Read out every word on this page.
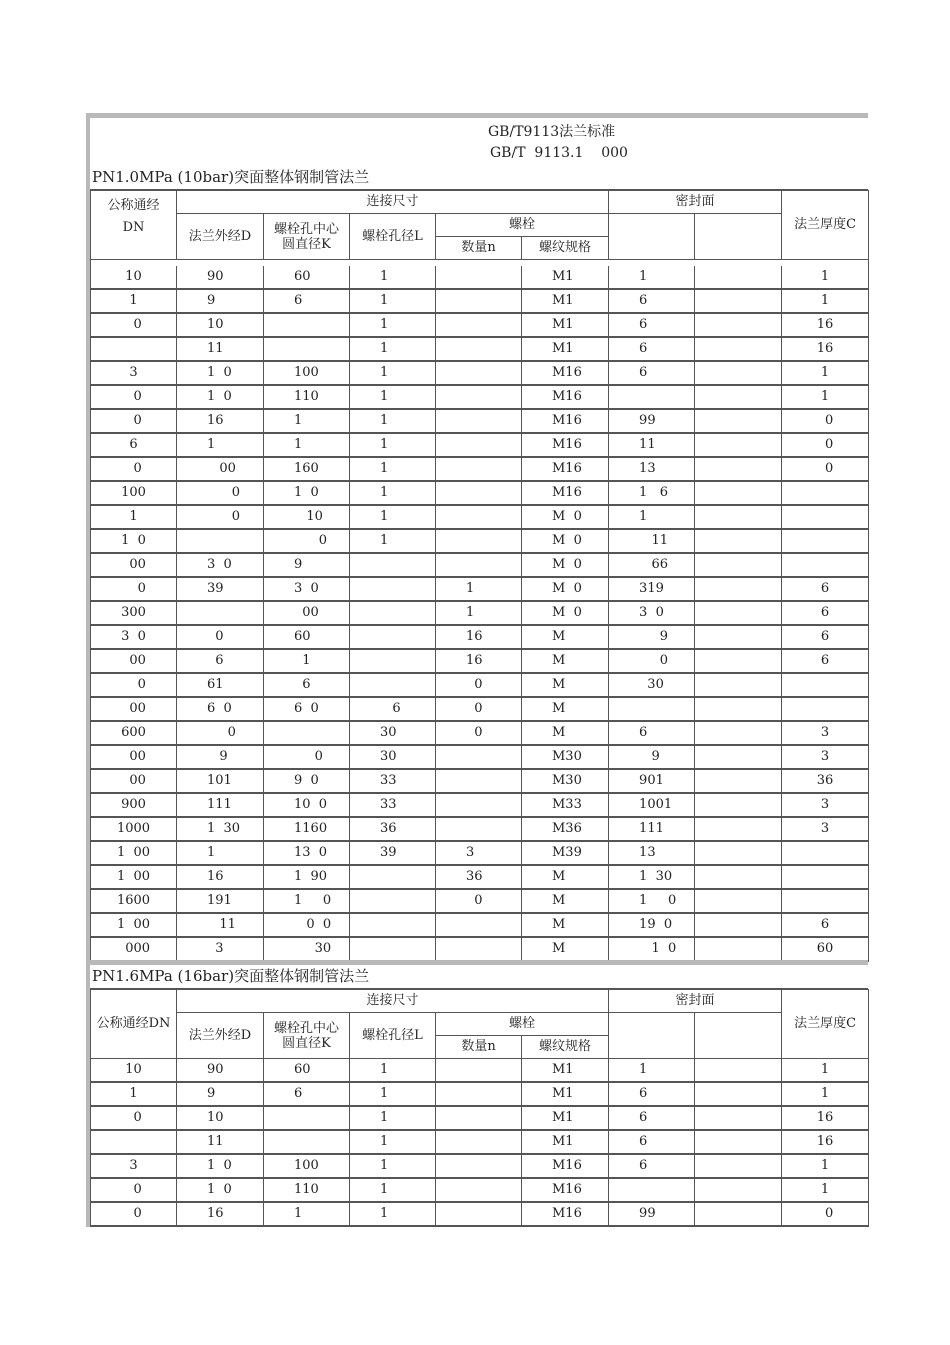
GB/T9113法兰标准
GB/T  9113.1    000
PN1.0MPa (10bar)突面整体钢制管法兰
公称通经
DN	连接尺寸					密封面		法兰厚度C
	法兰外经D	螺栓孔中心
圆直径K	螺栓孔径L	螺栓				
				数量n	螺纹规格			

10	90	60	1		M1	1		1
1	9	6	1		M1	6		1
0	10		1		M1	6		16
	11		1		M1	6		16
3	1  0	100	1		M16	6		1
0	1  0	110	1		M16			1
0	16	1	1		M16	99		0
6	1	1	1		M16	11		0
0	00	160	1		M16	13		0
100	0	1  0	1		M16	1   6		
1	0	10	1		M  0	1		
1  0		0	1		M  0	11		
00	3  0	9			M  0	66		
0	39	3  0		1	M  0	319		6
300		00		1	M  0	3  0		6
3  0	0	60		16	M	9		6
00	6	1		16	M	0		6
0	61	6		0	M	30		
00	6  0	6  0	6	0	M			
600	0		30	0	M	6		3
00	9	0	30		M30	9		3
00	101	9  0	33		M30	901		36
900	111	10  0	33		M33	1001		3
1000	1  30	1160	36		M36	111		3
1  00	1	13  0	39	3	M39	13		
1  00	16	1  90		36	M	1  30		
1600	191	1     0		0	M	1     0		
1  00	11	0  0			M	19  0		6
000	3	30			M	1  0		60
PN1.6MPa (16bar)突面整体钢制管法兰
公称通经DN	连接尺寸					密封面		法兰厚度C
	法兰外经D	螺栓孔中心
圆直径K	螺栓孔径L	螺栓				
				数量n	螺纹规格			
10	90	60	1		M1	1		1
1	9	6	1		M1	6		1
0	10		1		M1	6		16
	11		1		M1	6		16
3	1  0	100	1		M16	6		1
0	1  0	110	1		M16			1
0	16	1	1		M16	99		0
